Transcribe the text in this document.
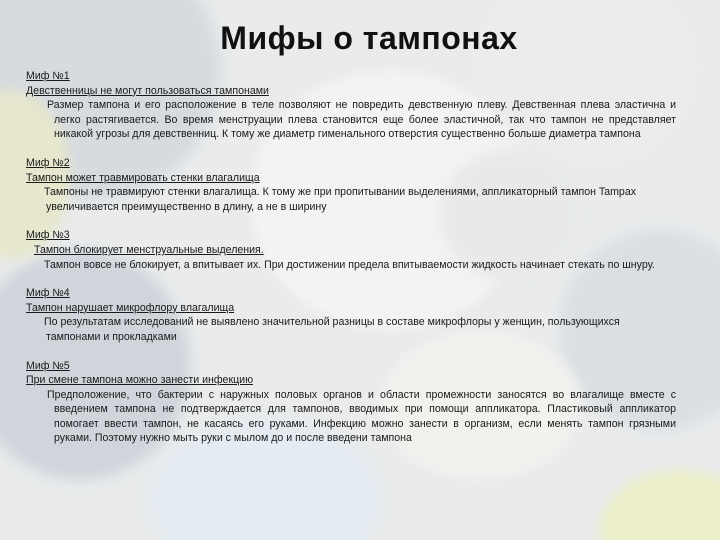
Мифы о тампонах

Миф №1

Девственницы не могут пользоваться тампонами

Размер тампона и его расположение в теле позволяют не повредить девственную плеву. Девственная плева эластична и легко растягивается. Во время менструации плева становится еще более эластичной, так что тампон не представляет никакой угрозы для девственниц. К тому же диаметр гименального отверстия существенно больше диаметра тампона

Миф №2

Тампон может травмировать стенки влагалища

Тампоны не травмируют стенки влагалища. К тому же при пропитывании выделениями, аппликаторный тампон Tampax увеличивается преимущественно в длину, а не в ширину

Миф №3

Тампон блокирует менструальные выделения.

Тампон вовсе не блокирует, а впитывает их. При достижении предела впитываемости жидкость начинает стекать по шнуру.

Миф №4

Тампон нарушает микрофлору влагалища

По результатам исследований не выявлено значительной разницы в составе микрофлоры у женщин, пользующихся тампонами и прокладками

Миф №5

При смене тампона можно занести инфекцию

Предположение, что бактерии с наружных половых органов и области промежности заносятся во влагалище вместе с введением тампона не подтверждается для тампонов, вводимых при помощи аппликатора. Пластиковый аппликатор помогает ввести тампон, не касаясь его руками. Инфекцию можно занести в организм, если менять тампон грязными руками. Поэтому нужно мыть руки с мылом до и после введени тампона
